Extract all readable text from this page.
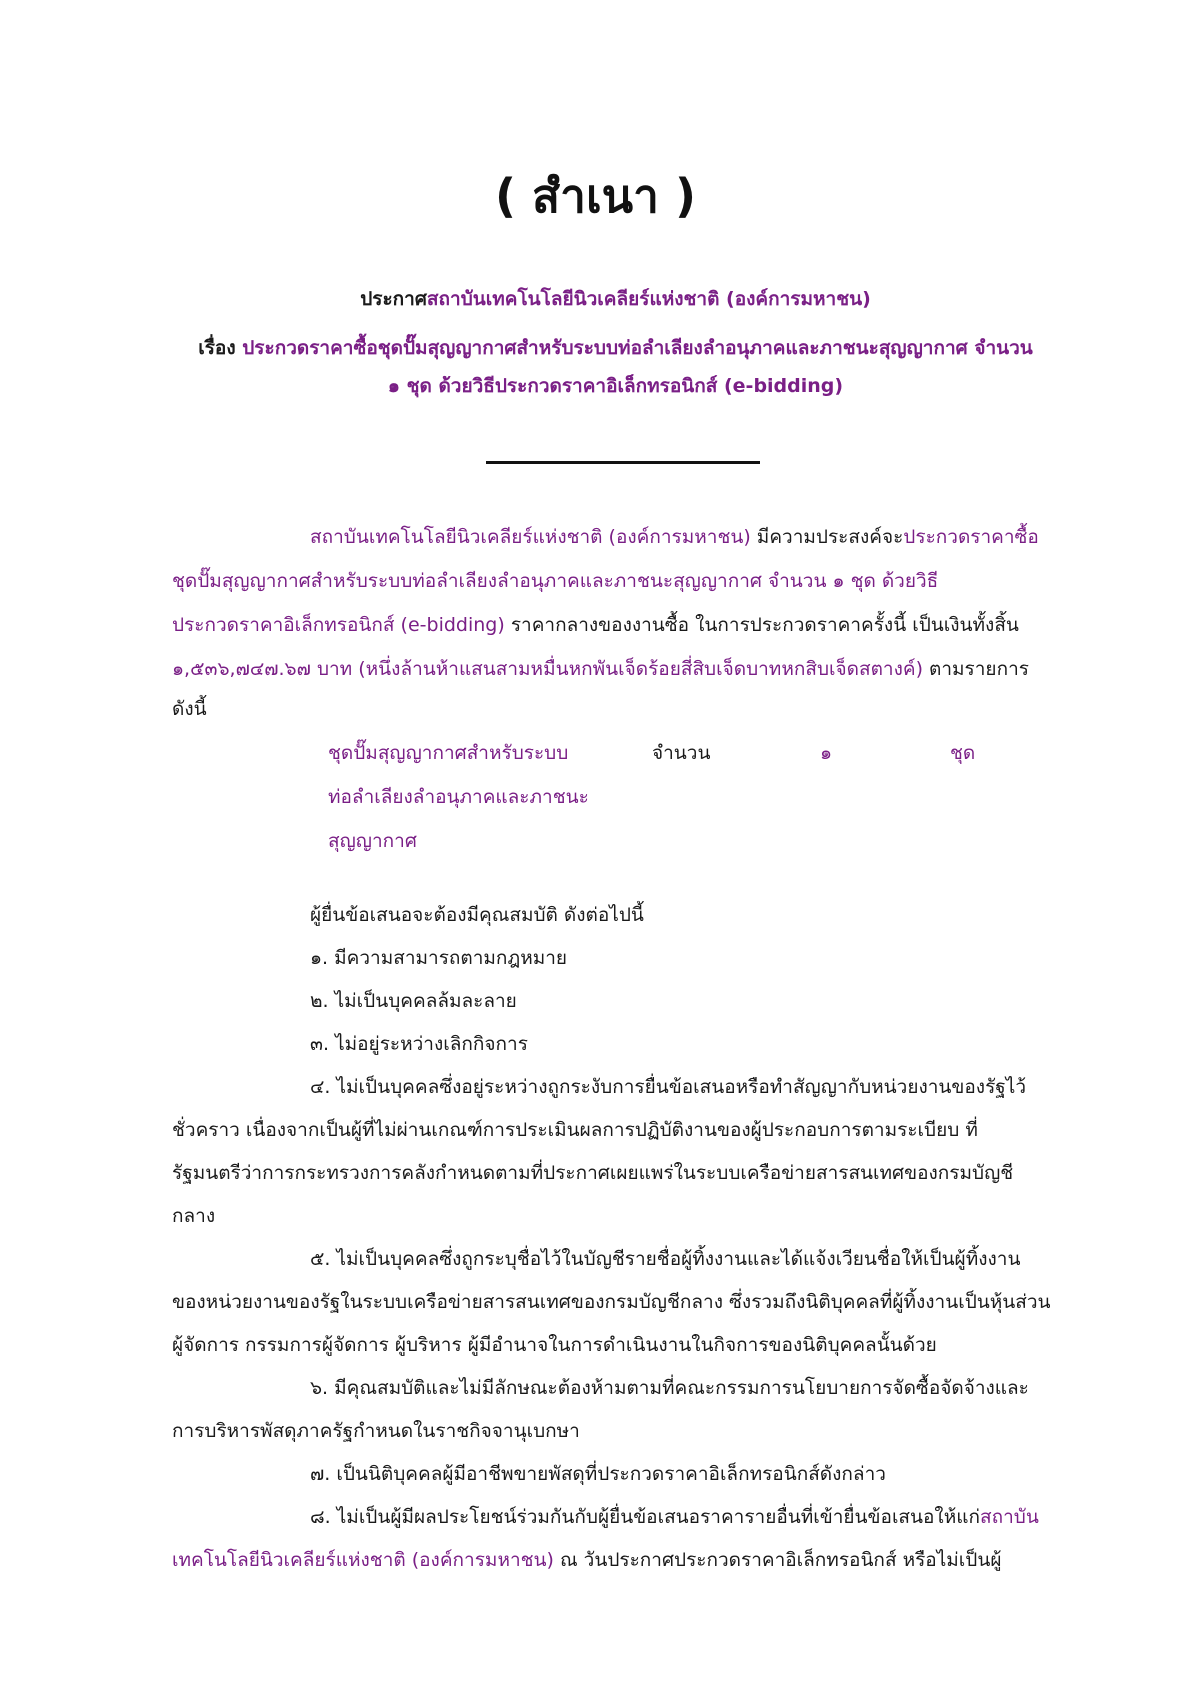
( สำเนา )
ประกาศสถาบันเทคโนโลยีนิวเคลียร์แห่งชาติ (องค์การมหาชน)
เรื่อง ประกวดราคาซื้อชุดปั๊มสุญญากาศสำหรับระบบท่อลำเลียงลำอนุภาคและภาชนะสุญญากาศ จำนวน
๑ ชุด ด้วยวิธีประกวดราคาอิเล็กทรอนิกส์ (e-bidding)
สถาบันเทคโนโลยีนิวเคลียร์แห่งชาติ (องค์การมหาชน) มีความประสงค์จะประกวดราคาซื้อ
ชุดปั๊มสุญญากาศสำหรับระบบท่อลำเลียงลำอนุภาคและภาชนะสุญญากาศ จำนวน ๑ ชุด ด้วยวิธี
ประกวดราคาอิเล็กทรอนิกส์ (e-bidding) ราคากลางของงานซื้อ ในการประกวดราคาครั้งนี้ เป็นเงินทั้งสิ้น
๑,๕๓๖,๗๔๗.๖๗ บาท (หนึ่งล้านห้าแสนสามหมื่นหกพันเจ็ดร้อยสี่สิบเจ็ดบาทหกสิบเจ็ดสตางค์) ตามรายการ
ดังนี้
ชุดปั๊มสุญญากาศสำหรับระบบ
ท่อลำเลียงลำอนุภาคและภาชนะ
สุญญากาศ
จำนวน	๑	ชุด
ผู้ยื่นข้อเสนอจะต้องมีคุณสมบัติ ดังต่อไปนี้
๑. มีความสามารถตามกฎหมาย
๒. ไม่เป็นบุคคลล้มละลาย
๓. ไม่อยู่ระหว่างเลิกกิจการ
๔. ไม่เป็นบุคคลซึ่งอยู่ระหว่างถูกระงับการยื่นข้อเสนอหรือทำสัญญากับหน่วยงานของรัฐไว้
ชั่วคราว เนื่องจากเป็นผู้ที่ไม่ผ่านเกณฑ์การประเมินผลการปฏิบัติงานของผู้ประกอบการตามระเบียบ ที่
รัฐมนตรีว่าการกระทรวงการคลังกำหนดตามที่ประกาศเผยแพร่ในระบบเครือข่ายสารสนเทศของกรมบัญชี
กลาง
๕. ไม่เป็นบุคคลซึ่งถูกระบุชื่อไว้ในบัญชีรายชื่อผู้ทิ้งงานและได้แจ้งเวียนชื่อให้เป็นผู้ทิ้งงาน
ของหน่วยงานของรัฐในระบบเครือข่ายสารสนเทศของกรมบัญชีกลาง ซึ่งรวมถึงนิติบุคคลที่ผู้ทิ้งงานเป็นหุ้นส่วน
ผู้จัดการ กรรมการผู้จัดการ ผู้บริหาร ผู้มีอำนาจในการดำเนินงานในกิจการของนิติบุคคลนั้นด้วย
๖. มีคุณสมบัติและไม่มีลักษณะต้องห้ามตามที่คณะกรรมการนโยบายการจัดซื้อจัดจ้างและ
การบริหารพัสดุภาครัฐกำหนดในราชกิจจานุเบกษา
๗. เป็นนิติบุคคลผู้มีอาชีพขายพัสดุที่ประกวดราคาอิเล็กทรอนิกส์ดังกล่าว
๘. ไม่เป็นผู้มีผลประโยชน์ร่วมกันกับผู้ยื่นข้อเสนอราคารายอื่นที่เข้ายื่นข้อเสนอให้แก่สถาบัน
เทคโนโลยีนิวเคลียร์แห่งชาติ (องค์การมหาชน) ณ วันประกาศประกวดราคาอิเล็กทรอนิกส์ หรือไม่เป็นผู้
